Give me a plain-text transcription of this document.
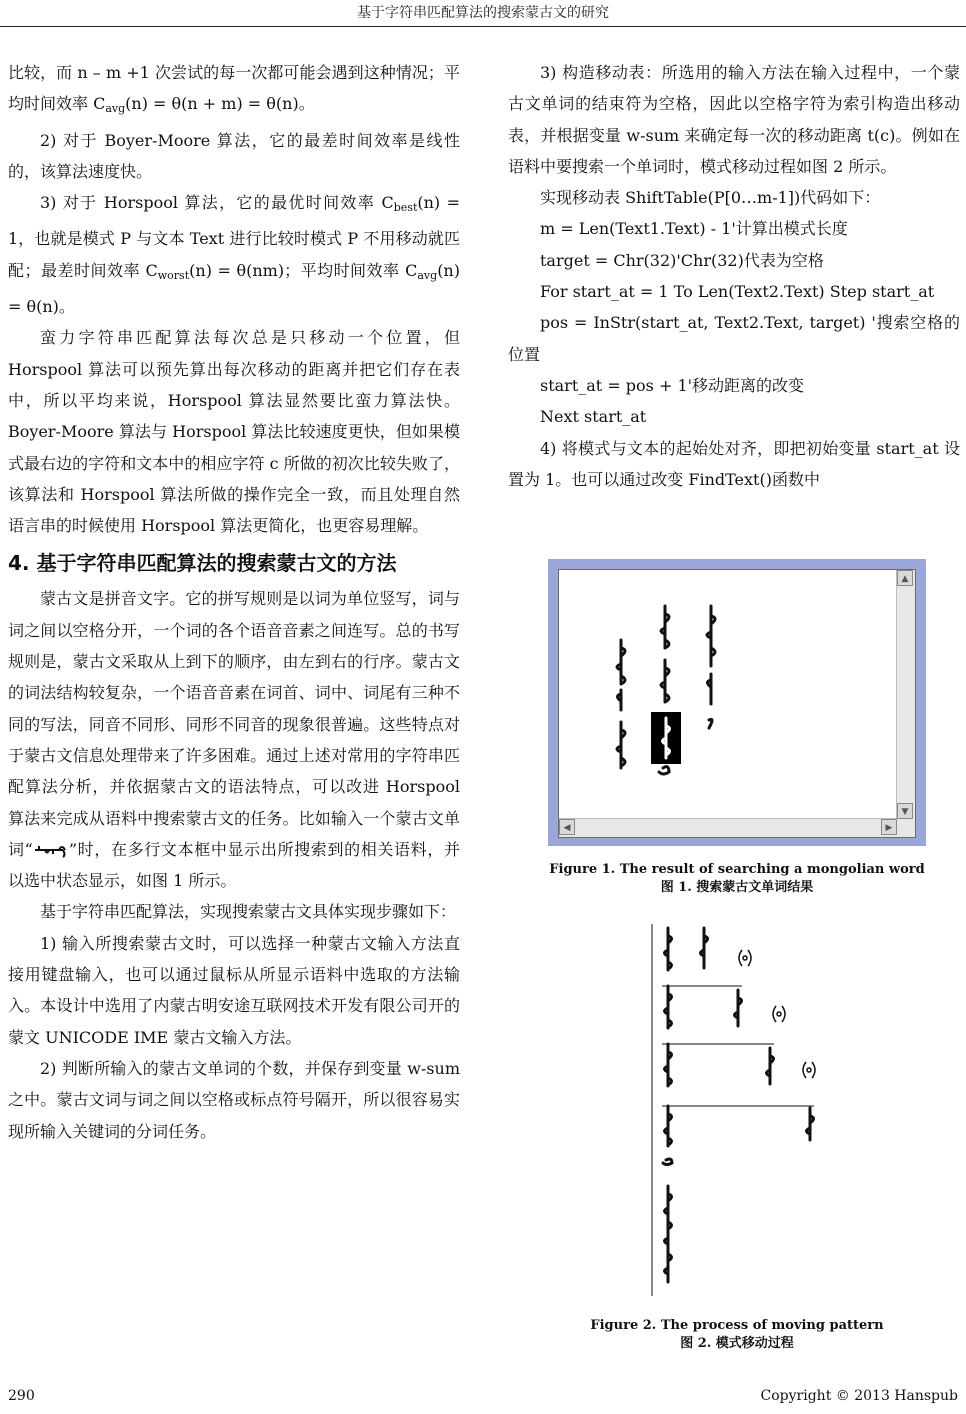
基于字符串匹配算法的搜索蒙古文的研究

比较，而 n – m +1 次尝试的每一次都可能会遇到这种情况；平均时间效率 $C_{avg}(n) = \theta(n + m) = \theta(n)$。

2) 对于 Boyer-Moore 算法，它的最差时间效率是线性的，该算法速度快。

3) 对于 Horspool 算法，它的最优时间效率 $C_{best}(n) = 1$，也就是模式 P 与文本 Text 进行比较时模式 P 不用移动就匹配；最差时间效率 $C_{worst}(n) = \theta(nm)$；平均时间效率 $C_{avg}(n) = \theta(n)$。

蛮力字符串匹配算法每次总是只移动一个位置，但 Horspool 算法可以预先算出每次移动的距离并把它们存在表中，所以平均来说，Horspool 算法显然要比蛮力算法快。Boyer-Moore 算法与 Horspool 算法比较速度更快，但如果模式最右边的字符和文本中的相应字符 c 所做的初次比较失败了，该算法和 Horspool 算法所做的操作完全一致，而且处理自然语言串的时候使用 Horspool 算法更简化，也更容易理解。

4. 基于字符串匹配算法的搜索蒙古文的方法

蒙古文是拼音文字。它的拼写规则是以词为单位竖写，词与词之间以空格分开，一个词的各个语音音素之间连写。总的书写规则是，蒙古文采取从上到下的顺序，由左到右的行序。蒙古文的词法结构较复杂，一个语音音素在词首、词中、词尾有三种不同的写法，同音不同形、同形不同音的现象很普遍。这些特点对于蒙古文信息处理带来了许多困难。通过上述对常用的字符串匹配算法分析，并依据蒙古文的语法特点，可以改进 Horspool 算法来完成从语料中搜索蒙古文的任务。比如输入一个蒙古文单词“ ”时，在多行文本框中显示出所搜索到的相关语料，并以选中状态显示，如图 1 所示。

基于字符串匹配算法，实现搜索蒙古文具体实现步骤如下：

1) 输入所搜索蒙古文时，可以选择一种蒙古文输入方法直接用键盘输入，也可以通过鼠标从所显示语料中选取的方法输入。本设计中选用了内蒙古明安途互联网技术开发有限公司开的蒙文 UNICODE IME 蒙古文输入方法。

2) 判断所输入的蒙古文单词的个数，并保存到变量 w-sum 之中。蒙古文词与词之间以空格或标点符号隔开，所以很容易实现所输入关键词的分词任务。

3) 构造移动表：所选用的输入方法在输入过程中，一个蒙古文单词的结束符为空格，因此以空格字符为索引构造出移动表，并根据变量 w-sum 来确定每一次的移动距离 t(c)。例如在语料中要搜索一个单词时，模式移动过程如图 2 所示。

实现移动表 ShiftTable(P[0…m-1])代码如下：

m = Len(Text1.Text) - 1'计算出模式长度

target = Chr(32)'Chr(32)代表为空格

For start_at = 1 To Len(Text2.Text) Step start_at

pos = InStr(start_at, Text2.Text, target) '搜索空格的位置

start_at = pos + 1'移动距离的改变

Next start_at

4) 将模式与文本的起始处对齐，即把初始变量 start_at 设置为 1。也可以通过改变 FindText()函数中

▲
▼
◀	▶
Figure 1. The result of searching a mongolian word
图 1. 搜索蒙古文单词结果
Figure 2. The process of moving pattern
图 2. 模式移动过程
290	Copyright © 2013 Hanspub
